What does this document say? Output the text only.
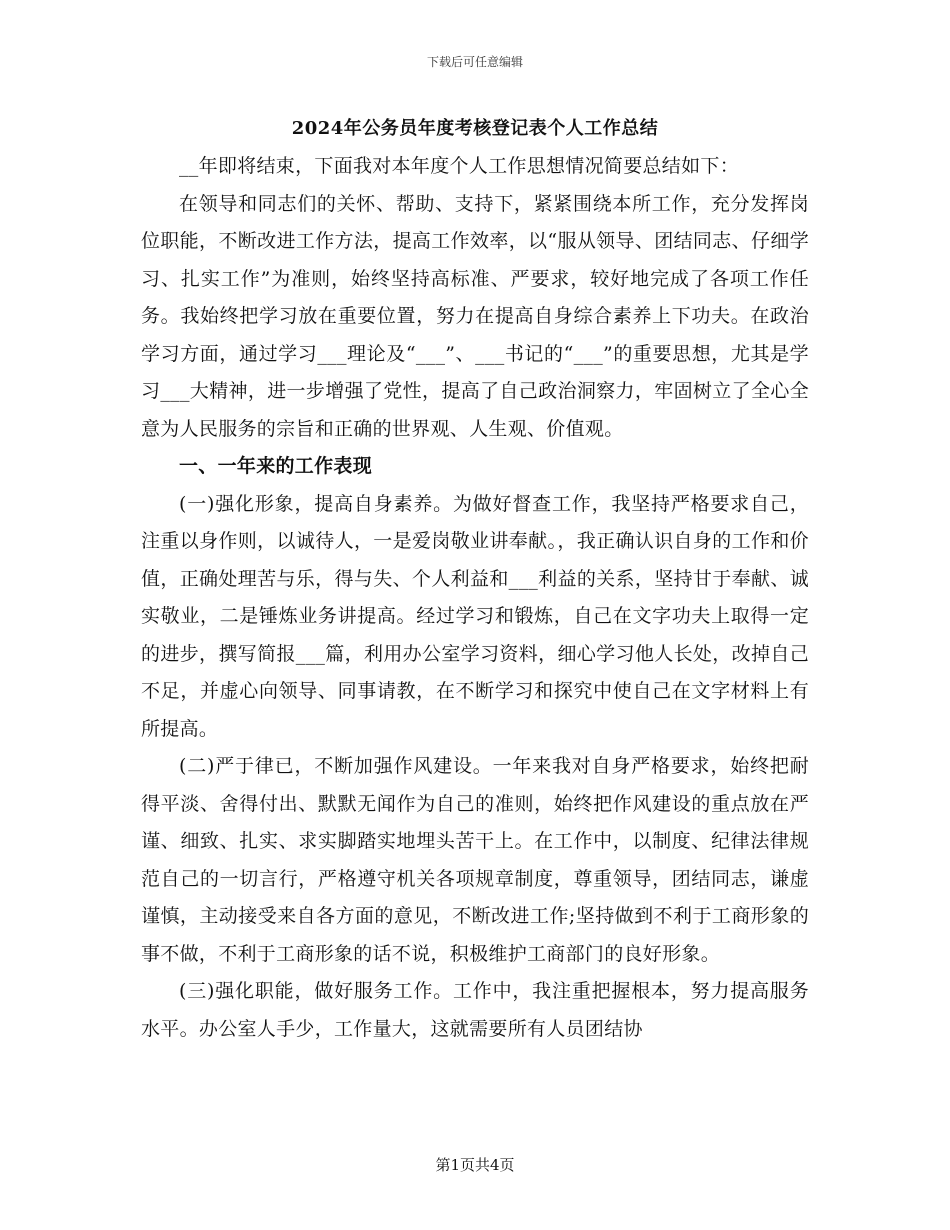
下载后可任意编辑
2024年公务员年度考核登记表个人工作总结

__年即将结束，下面我对本年度个人工作思想情况简要总结如下：

在领导和同志们的关怀、帮助、支持下，紧紧围绕本所工作，充分发挥岗位职能，不断改进工作方法，提高工作效率，以“服从领导、团结同志、仔细学习、扎实工作”为准则，始终坚持高标准、严要求，较好地完成了各项工作任务。我始终把学习放在重要位置，努力在提高自身综合素养上下功夫。在政治学习方面，通过学习___理论及“___”、___书记的“___”的重要思想，尤其是学习___大精神，进一步增强了党性，提高了自己政治洞察力，牢固树立了全心全意为人民服务的宗旨和正确的世界观、人生观、价值观。

一、一年来的工作表现

(一)强化形象，提高自身素养。为做好督查工作，我坚持严格要求自己，注重以身作则，以诚待人，一是爱岗敬业讲奉献。，我正确认识自身的工作和价值，正确处理苦与乐，得与失、个人利益和___利益的关系，坚持甘于奉献、诚实敬业，二是锤炼业务讲提高。经过学习和锻炼，自己在文字功夫上取得一定的进步，撰写简报___篇，利用办公室学习资料，细心学习他人长处，改掉自己不足，并虚心向领导、同事请教，在不断学习和探究中使自己在文字材料上有所提高。

(二)严于律已，不断加强作风建设。一年来我对自身严格要求，始终把耐得平淡、舍得付出、默默无闻作为自己的准则，始终把作风建设的重点放在严谨、细致、扎实、求实脚踏实地埋头苦干上。在工作中，以制度、纪律法律规范自己的一切言行，严格遵守机关各项规章制度，尊重领导，团结同志，谦虚谨慎，主动接受来自各方面的意见，不断改进工作;坚持做到不利于工商形象的事不做，不利于工商形象的话不说，积极维护工商部门的良好形象。

(三)强化职能，做好服务工作。工作中，我注重把握根本，努力提高服务水平。办公室人手少，工作量大，这就需要所有人员团结协

第1页共4页
